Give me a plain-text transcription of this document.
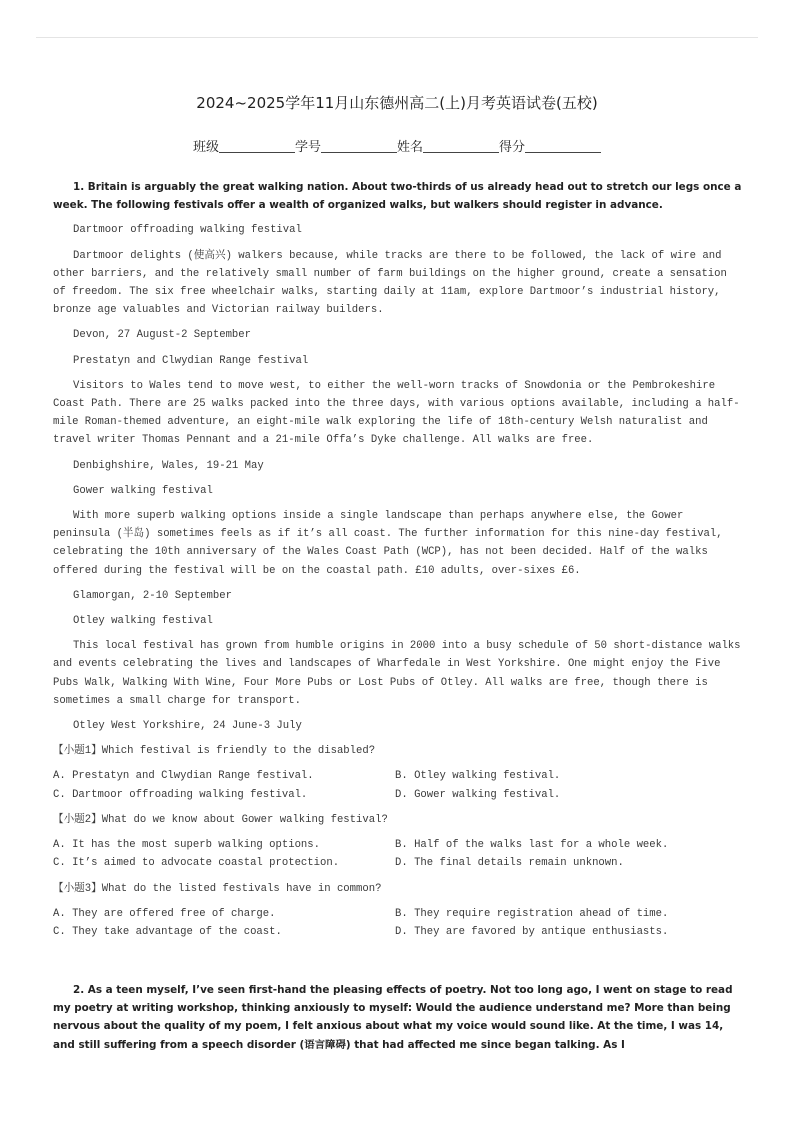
2024~2025学年11月山东德州高二(上)月考英语试卷(五校)
班级	学号	姓名	得分

1. Britain is arguably the great walking nation. About two-thirds of us already head out to stretch our legs once a week. The following festivals offer a wealth of organized walks, but walkers should register in advance.

Dartmoor offroading walking festival

Dartmoor delights (使高兴) walkers because, while tracks are there to be followed, the lack of wire and other barriers, and the relatively small number of farm buildings on the higher ground, create a sensation of freedom. The six free wheelchair walks, starting daily at 11am, explore Dartmoor’s industrial history, bronze age valuables and Victorian railway builders.

Devon, 27 August-2 September

Prestatyn and Clwydian Range festival

Visitors to Wales tend to move west, to either the well-worn tracks of Snowdonia or the Pembrokeshire Coast Path. There are 25 walks packed into the three days, with various options available, including a half-mile Roman-themed adventure, an eight-mile walk exploring the life of 18th-century Welsh naturalist and travel writer Thomas Pennant and a 21-mile Offa’s Dyke challenge. All walks are free.

Denbighshire, Wales, 19-21 May

Gower walking festival

With more superb walking options inside a single landscape than perhaps anywhere else, the Gower peninsula (半岛) sometimes feels as if it’s all coast. The further information for this nine-day festival, celebrating the 10th anniversary of the Wales Coast Path (WCP), has not been decided. Half of the walks offered during the festival will be on the coastal path. £10 adults, over-sixes £6.

Glamorgan, 2-10 September

Otley walking festival

This local festival has grown from humble origins in 2000 into a busy schedule of 50 short-distance walks and events celebrating the lives and landscapes of Wharfedale in West Yorkshire. One might enjoy the Five Pubs Walk, Walking With Wine, Four More Pubs or Lost Pubs of Otley. All walks are free, though there is sometimes a small charge for transport.

Otley West Yorkshire, 24 June-3 July

【小题1】Which festival is friendly to the disabled?

A. Prestatyn and Clwydian Range festival.	B. Otley walking festival.
C. Dartmoor offroading walking festival.	D. Gower walking festival.

【小题2】What do we know about Gower walking festival?

A. It has the most superb walking options.	B. Half of the walks last for a whole week.
C. It’s aimed to advocate coastal protection.	D. The final details remain unknown.

【小题3】What do the listed festivals have in common?

A. They are offered free of charge.	B. They require registration ahead of time.
C. They take advantage of the coast.	D. They are favored by antique enthusiasts.

2. As a teen myself, I’ve seen first-hand the pleasing effects of poetry. Not too long ago, I went on stage to read my poetry at writing workshop, thinking anxiously to myself: Would the audience understand me? More than being nervous about the quality of my poem, I felt anxious about what my voice would sound like. At the time, I was 14, and still suffering from a speech disorder (语言障碍) that had affected me since began talking. As I
